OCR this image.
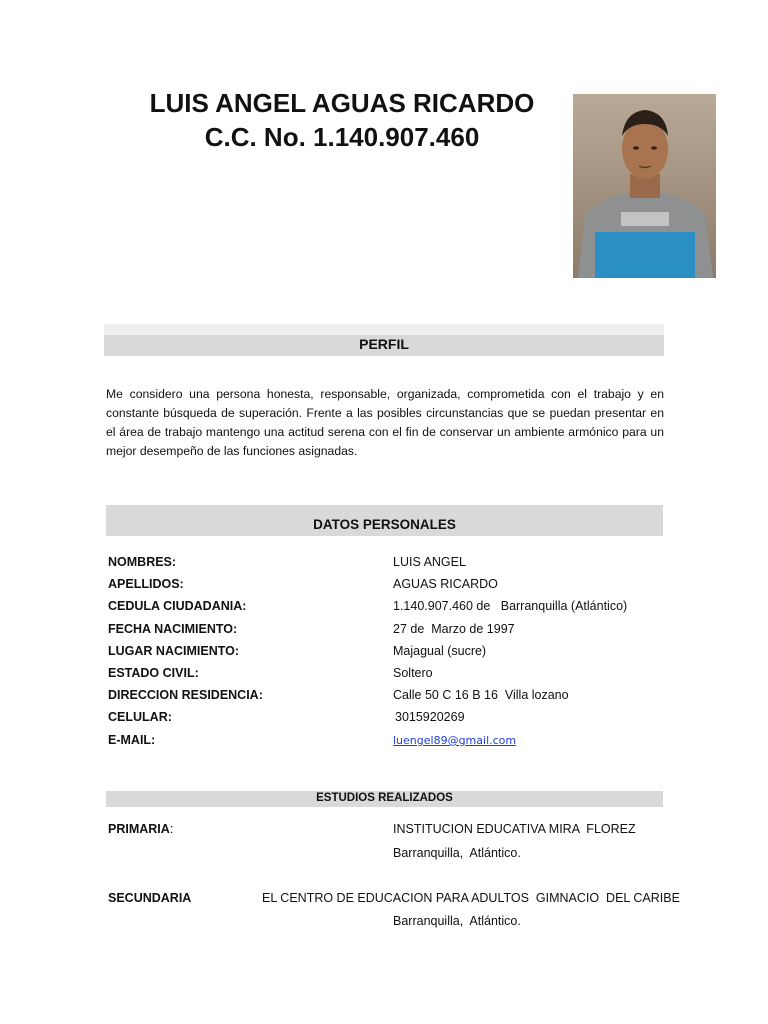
LUIS ANGEL AGUAS RICARDO
C.C. No. 1.140.907.460
PERFIL
Me considero una persona honesta, responsable, organizada, comprometida con el trabajo y en constante búsqueda de superación. Frente a las posibles circunstancias que se puedan presentar en el área de trabajo mantengo una actitud serena con el fin de conservar un ambiente armónico para un mejor desempeño de las funciones asignadas.
DATOS PERSONALES
NOMBRES:	LUIS ANGEL
APELLIDOS:	AGUAS RICARDO
CEDULA CIUDADANIA:	1.140.907.460 de   Barranquilla (Atlántico)
FECHA NACIMIENTO:	27 de  Marzo de 1997
LUGAR NACIMIENTO:	Majagual (sucre)
ESTADO CIVIL:	Soltero
DIRECCION RESIDENCIA:	Calle 50 C 16 B 16  Villa lozano
CELULAR:	3015920269
E-MAIL:	luengel89@gmail.com
ESTUDIOS REALIZADOS
PRIMARIA:	INSTITUCION EDUCATIVA MIRA  FLOREZ
Barranquilla,  Atlántico.
SECUNDARIA	EL CENTRO DE EDUCACION PARA ADULTOS  GIMNACIO  DEL CARIBE
Barranquilla,  Atlántico.
